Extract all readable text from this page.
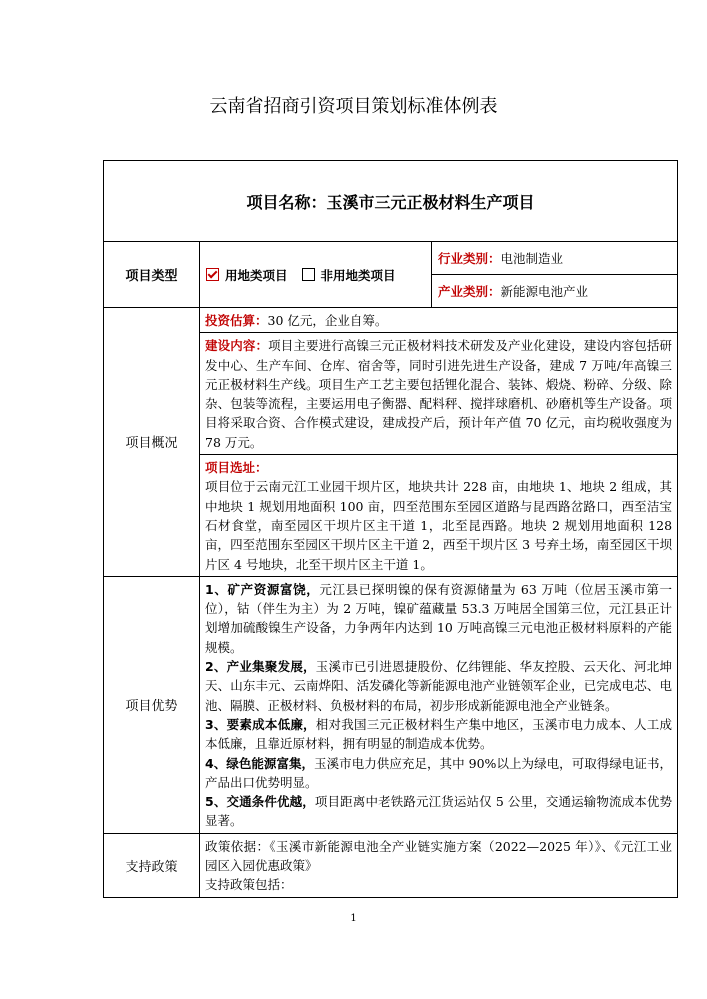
云南省招商引资项目策划标准体例表
项目名称：玉溪市三元正极材料生产项目		
项目类型	用地类项目 非用地类项目	行业类别：电池制造业
		产业类别：新能源电池产业
项目概况	投资估算：30 亿元，企业自筹。	

	建设内容：项目主要进行高镍三元正极材料技术研发及产业化建设，建设内容包括研发中心、生产车间、仓库、宿舍等，同时引进先进生产设备，建成 7 万吨/年高镍三元正极材料生产线。项目生产工艺主要包括锂化混合、装钵、煅烧、粉碎、分级、除杂、包装等流程，主要运用电子衡器、配料秤、搅拌球磨机、砂磨机等生产设备。项目将采取合资、合作模式建设，建成投产后，预计年产值 70 亿元，亩均税收强度为 78 万元。	

	项目选址：

项目位于云南元江工业园干坝片区，地块共计 228 亩，由地块 1、地块 2 组成，其中地块 1 规划用地面积 100 亩，四至范围东至园区道路与昆西路岔路口，西至洁宝石材食堂，南至园区干坝片区主干道 1，北至昆西路。地块 2 规划用地面积 128 亩，四至范围东至园区干坝片区主干道 2，西至干坝片区 3 号弃土场，南至园区干坝片区 4 号地块，北至干坝片区主干道 1。	

项目优势	1、矿产资源富饶，元江县已探明镍的保有资源储量为 63 万吨（位居玉溪市第一位），钴（伴生为主）为 2 万吨，镍矿蕴藏量 53.3 万吨居全国第三位，元江县正计划增加硫酸镍生产设备，力争两年内达到 10 万吨高镍三元电池正极材料原料的产能规模。

2、产业集聚发展，玉溪市已引进恩捷股份、亿纬锂能、华友控股、云天化、河北坤天、山东丰元、云南烨阳、活发磷化等新能源电池产业链领军企业，已完成电芯、电池、隔膜、正极材料、负极材料的布局，初步形成新能源电池全产业链条。

3、要素成本低廉，相对我国三元正极材料生产集中地区，玉溪市电力成本、人工成本低廉，且靠近原材料，拥有明显的制造成本优势。

4、绿色能源富集，玉溪市电力供应充足，其中 90%以上为绿电，可取得绿电证书，产品出口优势明显。

5、交通条件优越，项目距离中老铁路元江货运站仅 5 公里，交通运输物流成本优势显著。	

支持政策	政策依据：《玉溪市新能源电池全产业链实施方案（2022—2025 年）》、《元江工业园区入园优惠政策》

支持政策包括：	

1
